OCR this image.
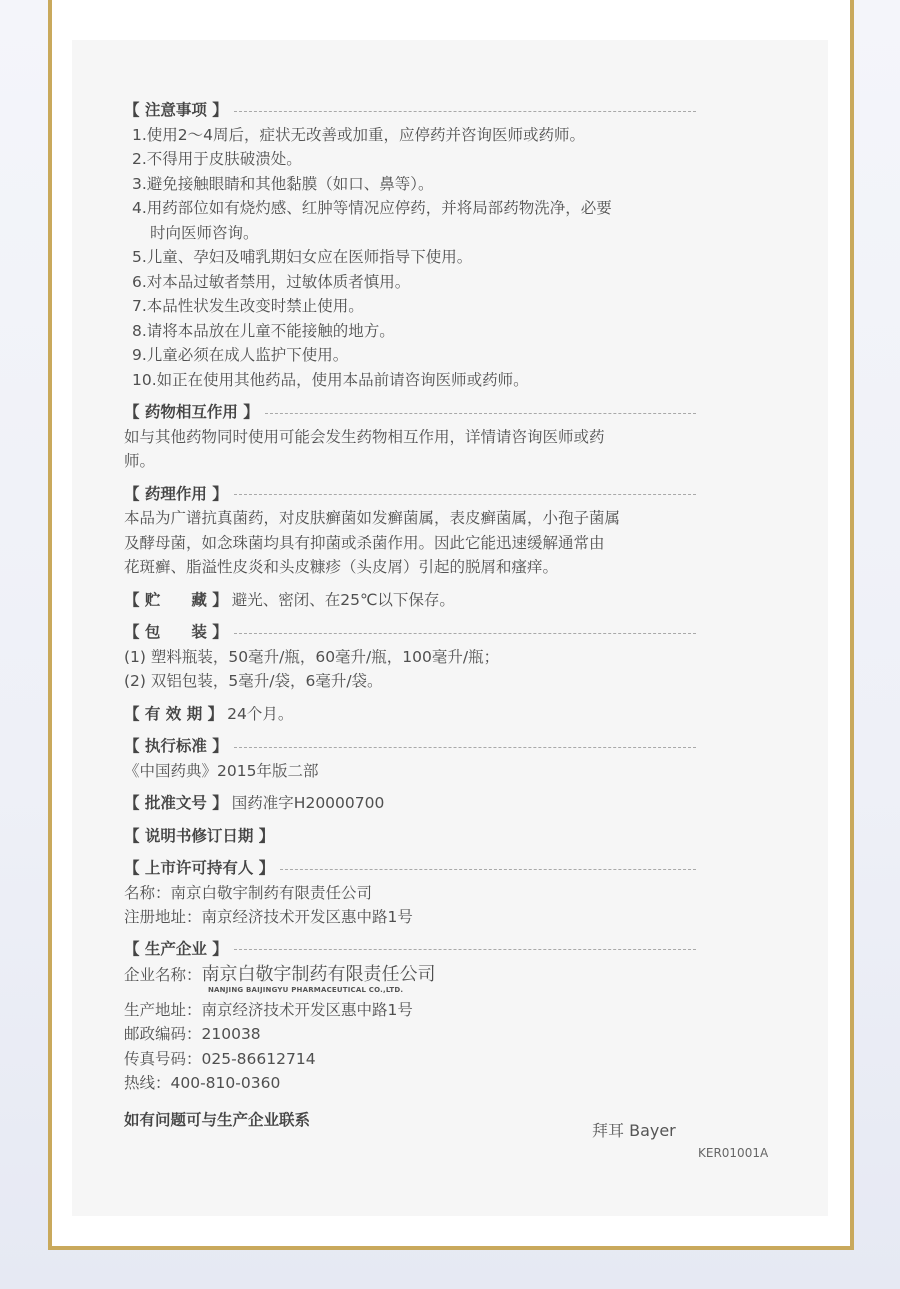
【 注意事项 】
1.使用2～4周后，症状无改善或加重，应停药并咨询医师或药师。
2.不得用于皮肤破溃处。
3.避免接触眼睛和其他黏膜（如口、鼻等）。
4.用药部位如有烧灼感、红肿等情况应停药，并将局部药物洗净，必要
时向医师咨询。
5.儿童、孕妇及哺乳期妇女应在医师指导下使用。
6.对本品过敏者禁用，过敏体质者慎用。
7.本品性状发生改变时禁止使用。
8.请将本品放在儿童不能接触的地方。
9.儿童必须在成人监护下使用。
10.如正在使用其他药品，使用本品前请咨询医师或药师。
【 药物相互作用 】
如与其他药物同时使用可能会发生药物相互作用，详情请咨询医师或药
师。
【 药理作用 】
本品为广谱抗真菌药，对皮肤癣菌如发癣菌属，表皮癣菌属，小孢子菌属
及酵母菌，如念珠菌均具有抑菌或杀菌作用。因此它能迅速缓解通常由
花斑癣、脂溢性皮炎和头皮糠疹（头皮屑）引起的脱屑和瘙痒。
【 贮　　藏 】 避光、密闭、在25℃以下保存。
【 包　　装 】
(1) 塑料瓶装，50毫升/瓶，60毫升/瓶，100毫升/瓶；
(2) 双铝包装，5毫升/袋，6毫升/袋。
【 有 效 期 】 24个月。
【 执行标准 】
《中国药典》2015年版二部
【 批准文号 】 国药准字H20000700
【 说明书修订日期 】
【 上市许可持有人 】
名称：南京白敬宇制药有限责任公司
注册地址：南京经济技术开发区惠中路1号
【 生产企业 】
企业名称：南京白敬宇制药有限责任公司
NANJING BAIJINGYU PHARMACEUTICAL CO.,LTD.
生产地址：南京经济技术开发区惠中路1号
邮政编码：210038
传真号码：025-86612714
热线：400-810-0360
如有问题可与生产企业联系
拜耳 Bayer
KER01001A
